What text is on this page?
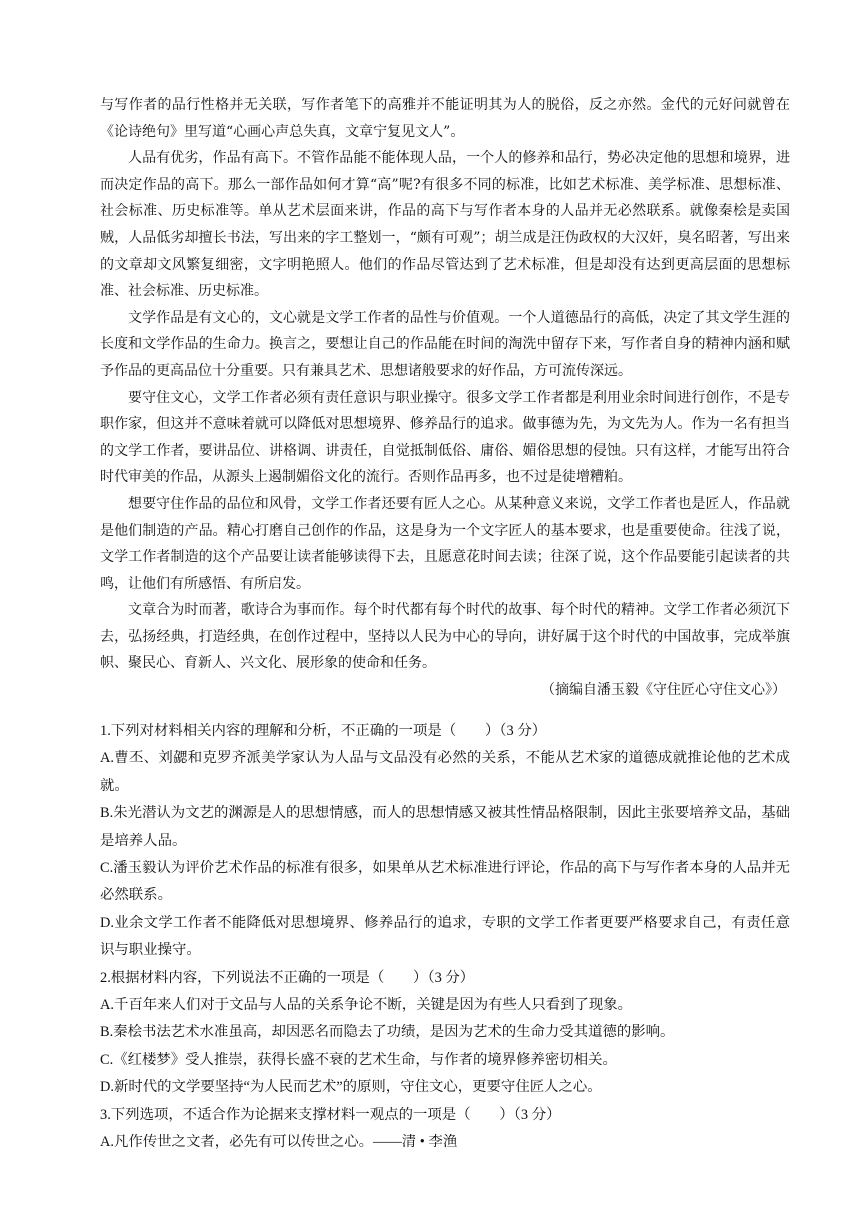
与写作者的品行性格并无关联，写作者笔下的高雅并不能证明其为人的脱俗，反之亦然。金代的元好问就曾在《论诗绝句》里写道“心画心声总失真，文章宁复见文人”。

人品有优劣，作品有高下。不管作品能不能体现人品，一个人的修养和品行，势必决定他的思想和境界，进而决定作品的高下。那么一部作品如何才算“高”呢?有很多不同的标准，比如艺术标准、美学标准、思想标准、社会标准、历史标准等。单从艺术层面来讲，作品的高下与写作者本身的人品并无必然联系。就像秦桧是卖国贼，人品低劣却擅长书法，写出来的字工整划一，“颇有可观”；胡兰成是汪伪政权的大汉奸，臭名昭著，写出来的文章却文风繁复细密，文字明艳照人。他们的作品尽管达到了艺术标准，但是却没有达到更高层面的思想标准、社会标准、历史标准。

文学作品是有文心的，文心就是文学工作者的品性与价值观。一个人道德品行的高低，决定了其文学生涯的长度和文学作品的生命力。换言之，要想让自己的作品能在时间的淘洗中留存下来，写作者自身的精神内涵和赋予作品的更高品位十分重要。只有兼具艺术、思想诸般要求的好作品，方可流传深远。

要守住文心，文学工作者必须有责任意识与职业操守。很多文学工作者都是利用业余时间进行创作，不是专职作家，但这并不意味着就可以降低对思想境界、修养品行的追求。做事德为先，为文先为人。作为一名有担当的文学工作者，要讲品位、讲格调、讲责任，自觉抵制低俗、庸俗、媚俗思想的侵蚀。只有这样，才能写出符合时代审美的作品，从源头上遏制媚俗文化的流行。否则作品再多，也不过是徒增糟粕。

想要守住作品的品位和风骨，文学工作者还要有匠人之心。从某种意义来说，文学工作者也是匠人，作品就是他们制造的产品。精心打磨自己创作的作品，这是身为一个文字匠人的基本要求，也是重要使命。往浅了说，文学工作者制造的这个产品要让读者能够读得下去，且愿意花时间去读；往深了说，这个作品要能引起读者的共鸣，让他们有所感悟、有所启发。

文章合为时而著，歌诗合为事而作。每个时代都有每个时代的故事、每个时代的精神。文学工作者必须沉下去，弘扬经典，打造经典，在创作过程中，坚持以人民为中心的导向，讲好属于这个时代的中国故事，完成举旗帜、聚民心、育新人、兴文化、展形象的使命和任务。

（摘编自潘玉毅《守住匠心守住文心》）

1.下列对材料相关内容的理解和分析，不正确的一项是（　　）（3 分）

A.曹丕、刘勰和克罗齐派美学家认为人品与文品没有必然的关系，不能从艺术家的道德成就推论他的艺术成就。

B.朱光潜认为文艺的渊源是人的思想情感，而人的思想情感又被其性情品格限制，因此主张要培养文品，基础是培养人品。

C.潘玉毅认为评价艺术作品的标准有很多，如果单从艺术标准进行评论，作品的高下与写作者本身的人品并无必然联系。

D.业余文学工作者不能降低对思想境界、修养品行的追求，专职的文学工作者更要严格要求自己，有责任意识与职业操守。

2.根据材料内容，下列说法不正确的一项是（　　）（3 分）

A.千百年来人们对于文品与人品的关系争论不断，关键是因为有些人只看到了现象。

B.秦桧书法艺术水准虽高，却因恶名而隐去了功绩，是因为艺术的生命力受其道德的影响。

C.《红楼梦》受人推崇，获得长盛不衰的艺术生命，与作者的境界修养密切相关。

D.新时代的文学要坚持“为人民而艺术”的原则，守住文心，更要守住匠人之心。

3.下列选项，不适合作为论据来支撑材料一观点的一项是（　　）（3 分）

A.凡作传世之文者，必先有可以传世之心。——清 • 李渔
